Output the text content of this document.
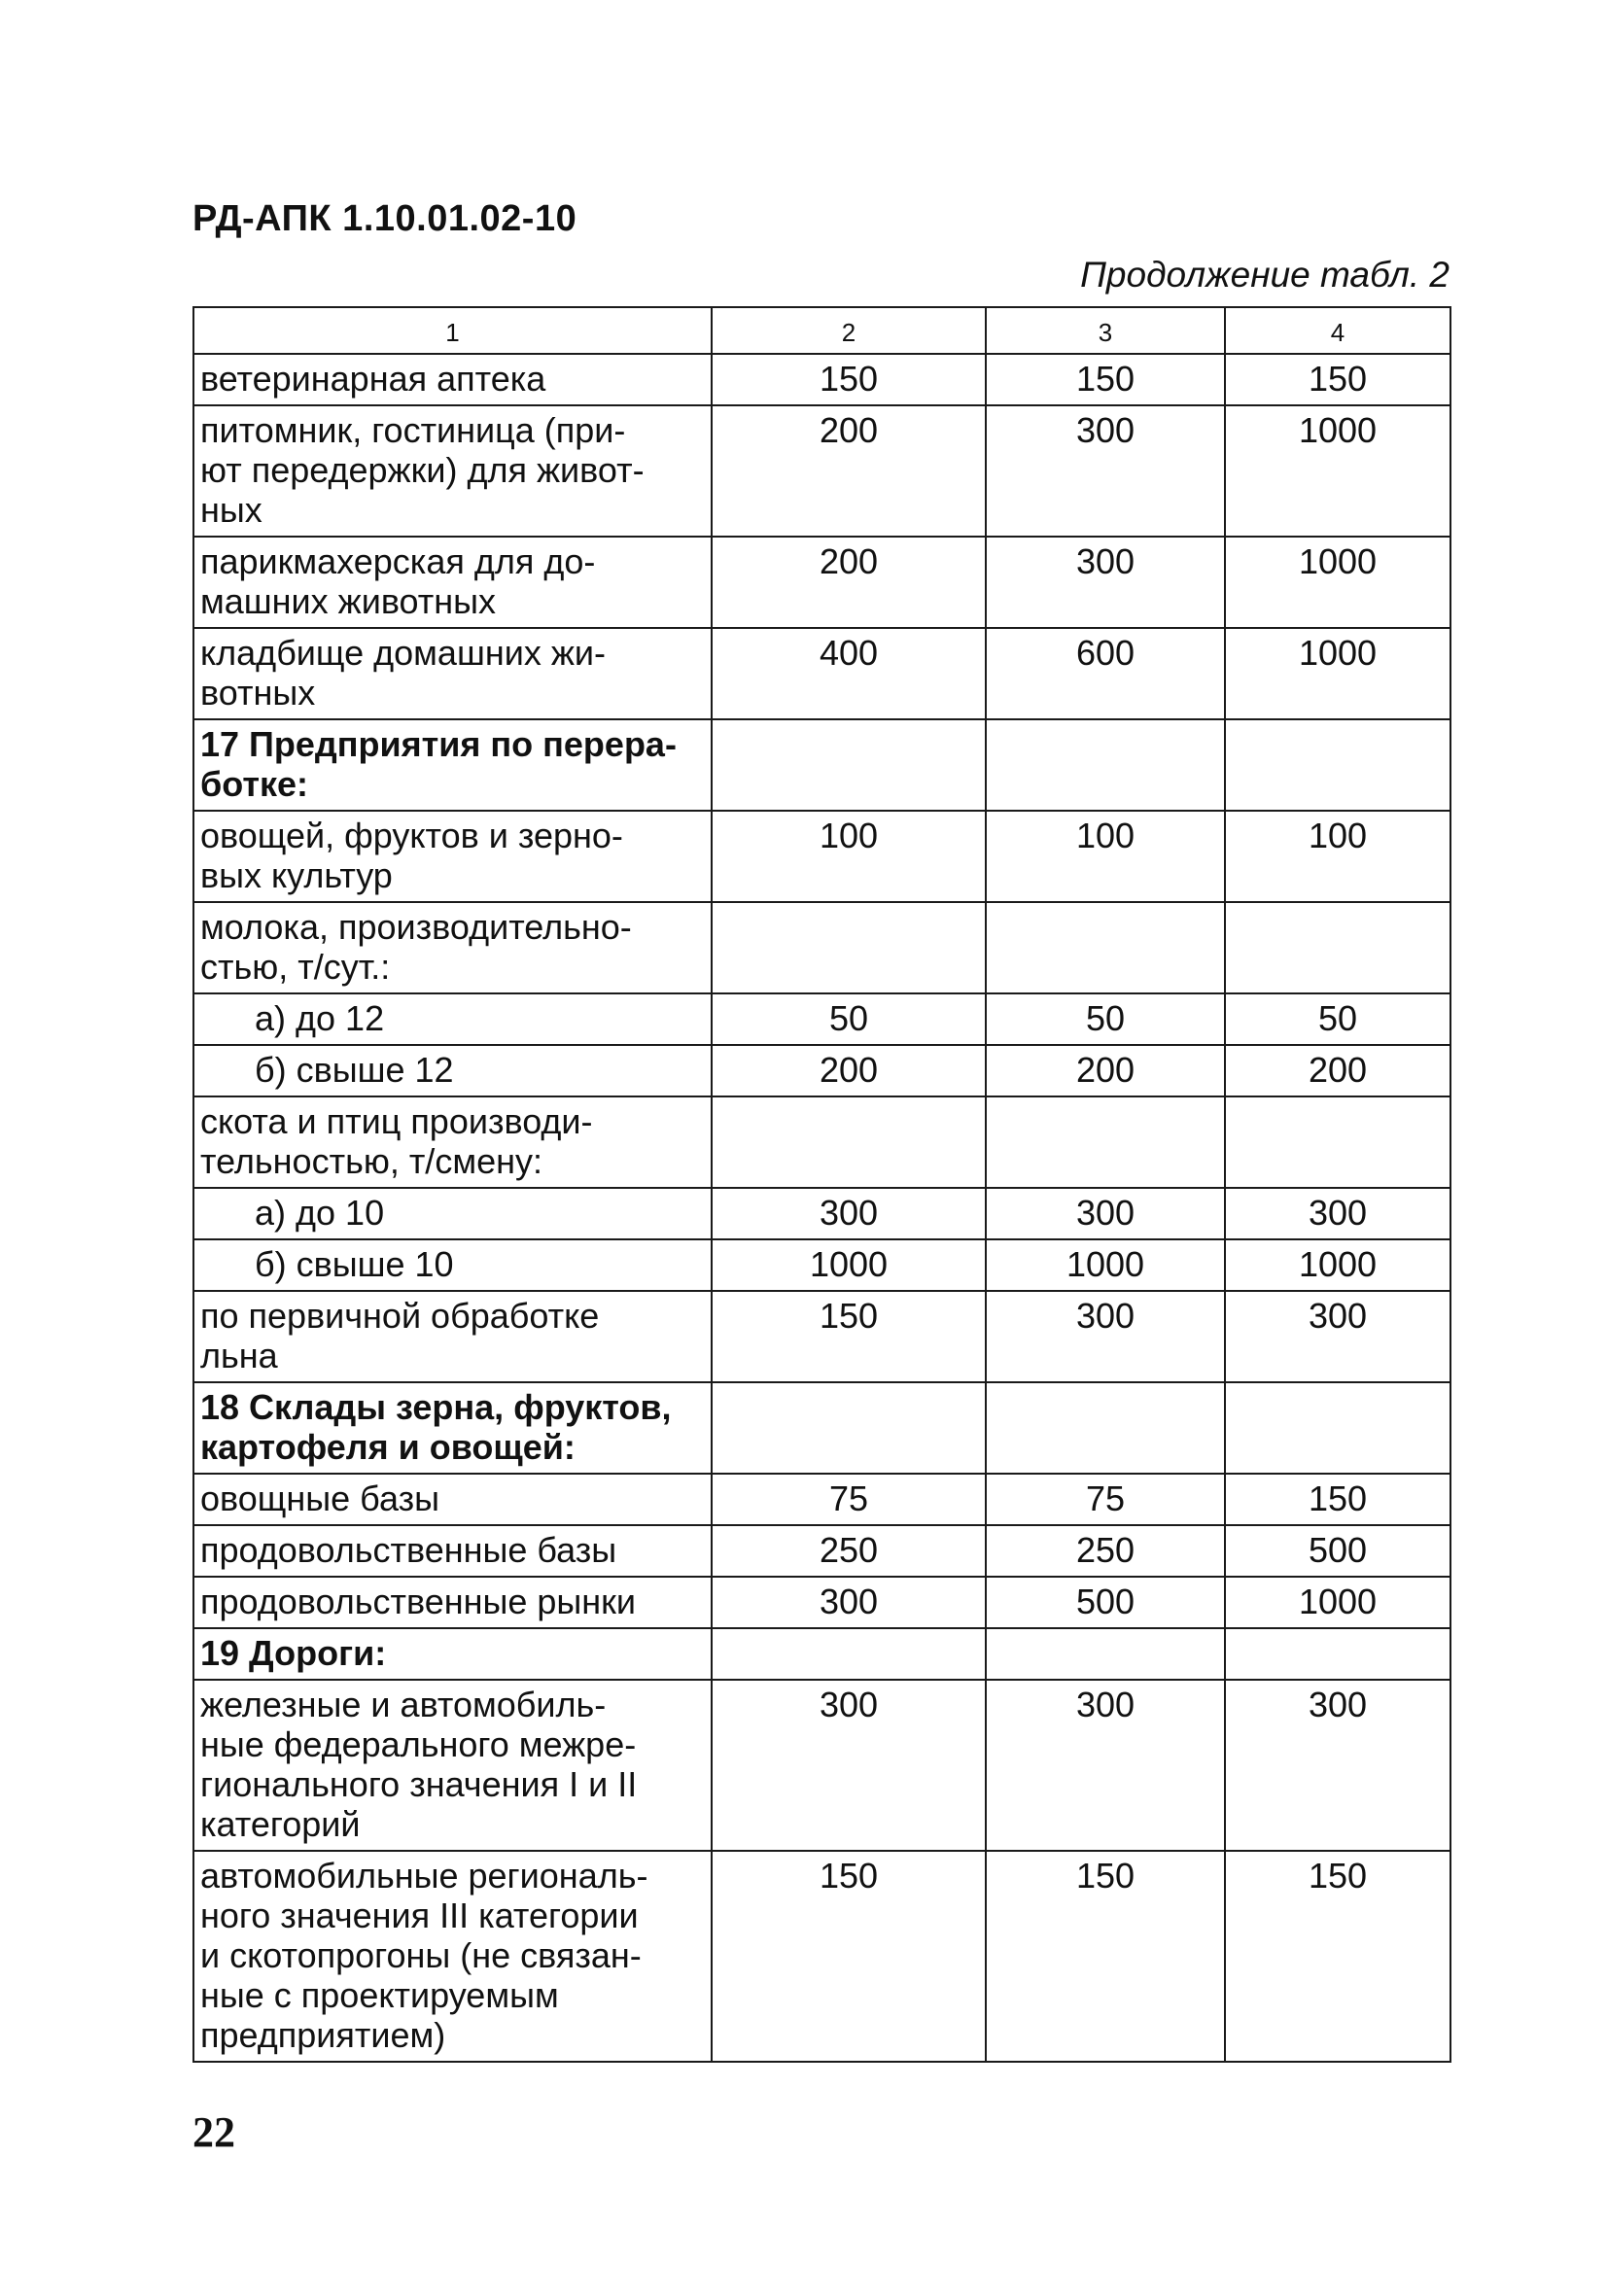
РД-АПК 1.10.01.02-10

Продолжение табл. 2

1	2	3	4
ветеринарная аптека	150	150	150
питомник, гостиница (при-
ют передержки) для живот-
ных	200	300	1000
парикмахерская для до-
машних животных	200	300	1000
кладбище домашних жи-
вотных	400	600	1000
17 Предприятия по перера-
ботке:			
овощей, фруктов и зерно-
вых культур	100	100	100
молока, производительно-
стью, т/сут.:			
а) до 12	50	50	50
б) свыше 12	200	200	200
скота и птиц производи-
тельностью, т/смену:			
а) до 10	300	300	300
б) свыше 10	1000	1000	1000
по первичной обработке
льна	150	300	300
18 Склады зерна, фруктов,
картофеля и овощей:			
овощные базы	75	75	150
продовольственные базы	250	250	500
продовольственные рынки	300	500	1000
19 Дороги:			
железные и автомобиль-
ные федерального межре-
гионального значения I и II
категорий	300	300	300
автомобильные региональ-
ного значения III категории
и скотопрогоны (не связан-
ные с проектируемым
предприятием)	150	150	150

22
